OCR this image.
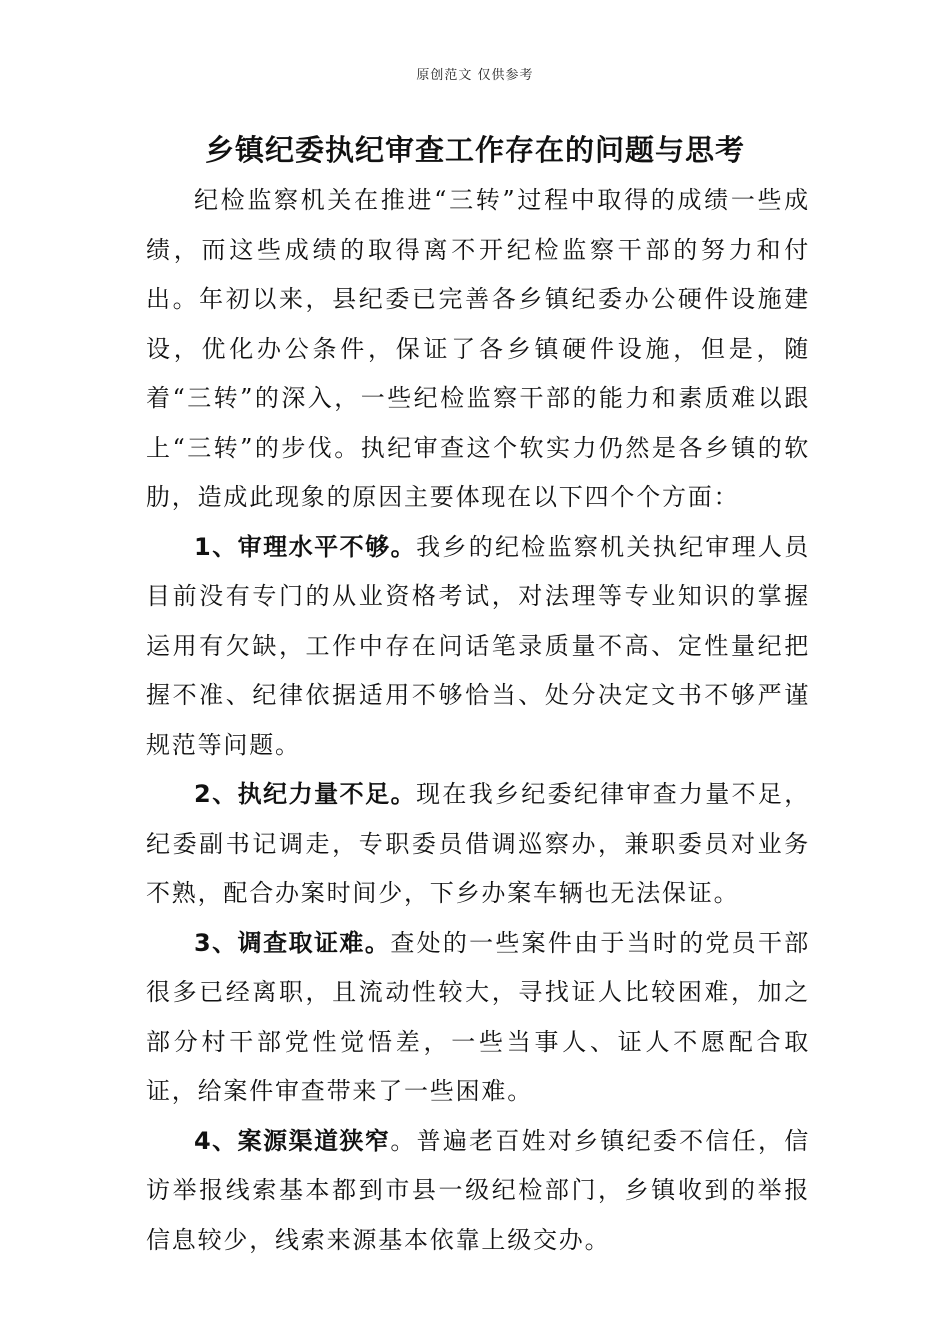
原创范文 仅供参考
乡镇纪委执纪审查工作存在的问题与思考

纪检监察机关在推进“三转”过程中取得的成绩一些成绩，而这些成绩的取得离不开纪检监察干部的努力和付出。年初以来，县纪委已完善各乡镇纪委办公硬件设施建设，优化办公条件，保证了各乡镇硬件设施，但是，随着“三转”的深入，一些纪检监察干部的能力和素质难以跟上“三转”的步伐。执纪审查这个软实力仍然是各乡镇的软肋，造成此现象的原因主要体现在以下四个个方面：

1、审理水平不够。我乡的纪检监察机关执纪审理人员目前没有专门的从业资格考试，对法理等专业知识的掌握运用有欠缺，工作中存在问话笔录质量不高、定性量纪把握不准、纪律依据适用不够恰当、处分决定文书不够严谨规范等问题。

2、执纪力量不足。现在我乡纪委纪律审查力量不足，纪委副书记调走，专职委员借调巡察办，兼职委员对业务不熟，配合办案时间少，下乡办案车辆也无法保证。

3、调查取证难。查处的一些案件由于当时的党员干部很多已经离职，且流动性较大，寻找证人比较困难，加之部分村干部党性觉悟差，一些当事人、证人不愿配合取证，给案件审查带来了一些困难。

4、案源渠道狭窄。普遍老百姓对乡镇纪委不信任，信访举报线索基本都到市县一级纪检部门，乡镇收到的举报信息较少，线索来源基本依靠上级交办。
